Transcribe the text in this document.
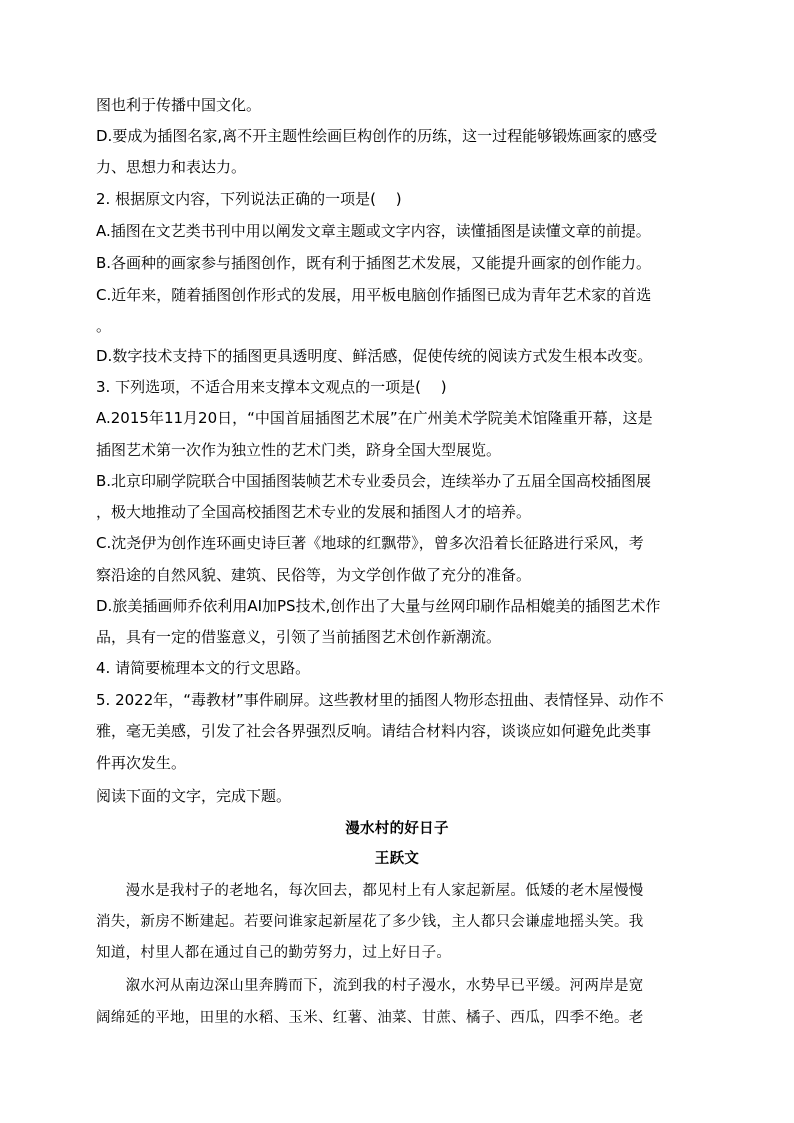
图也利于传播中国文化。
D.要成为插图名家,离不开主题性绘画巨构创作的历练，这一过程能够锻炼画家的感受
力、思想力和表达力。
2. 根据原文内容，下列说法正确的一项是(　 )
A.插图在文艺类书刊中用以阐发文章主题或文字内容，读懂插图是读懂文章的前提。
B.各画种的画家参与插图创作，既有利于插图艺术发展，又能提升画家的创作能力。
C.近年来，随着插图创作形式的发展，用平板电脑创作插图已成为青年艺术家的首选
。
D.数字技术支持下的插图更具透明度、鲜活感，促使传统的阅读方式发生根本改变。
3. 下列选项，不适合用来支撑本文观点的一项是(　 )
A.2015年11月20日，“中国首届插图艺术展”在广州美术学院美术馆隆重开幕，这是
插图艺术第一次作为独立性的艺术门类，跻身全国大型展览。
B.北京印刷学院联合中国插图装帧艺术专业委员会，连续举办了五届全国高校插图展
，极大地推动了全国高校插图艺术专业的发展和插图人才的培养。
C.沈尧伊为创作连环画史诗巨著《地球的红飘带》，曾多次沿着长征路进行采风，考
察沿途的自然风貌、建筑、民俗等，为文学创作做了充分的准备。
D.旅美插画师乔依利用AI加PS技术,创作出了大量与丝网印刷作品相媲美的插图艺术作
品，具有一定的借鉴意义，引领了当前插图艺术创作新潮流。
4. 请简要梳理本文的行文思路。
5. 2022年，“毒教材”事件刷屏。这些教材里的插图人物形态扭曲、表情怪异、动作不
雅，毫无美感，引发了社会各界强烈反响。请结合材料内容，谈谈应如何避免此类事
件再次发生。
阅读下面的文字，完成下题。
漫水村的好日子
王跃文
　　漫水是我村子的老地名，每次回去，都见村上有人家起新屋。低矮的老木屋慢慢
消失，新房不断建起。若要问谁家起新屋花了多少钱，主人都只会谦虚地摇头笑。我
知道，村里人都在通过自己的勤劳努力，过上好日子。
　　溆水河从南边深山里奔腾而下，流到我的村子漫水，水势早已平缓。河两岸是宽
阔绵延的平地，田里的水稻、玉米、红薯、油菜、甘蔗、橘子、西瓜，四季不绝。老
